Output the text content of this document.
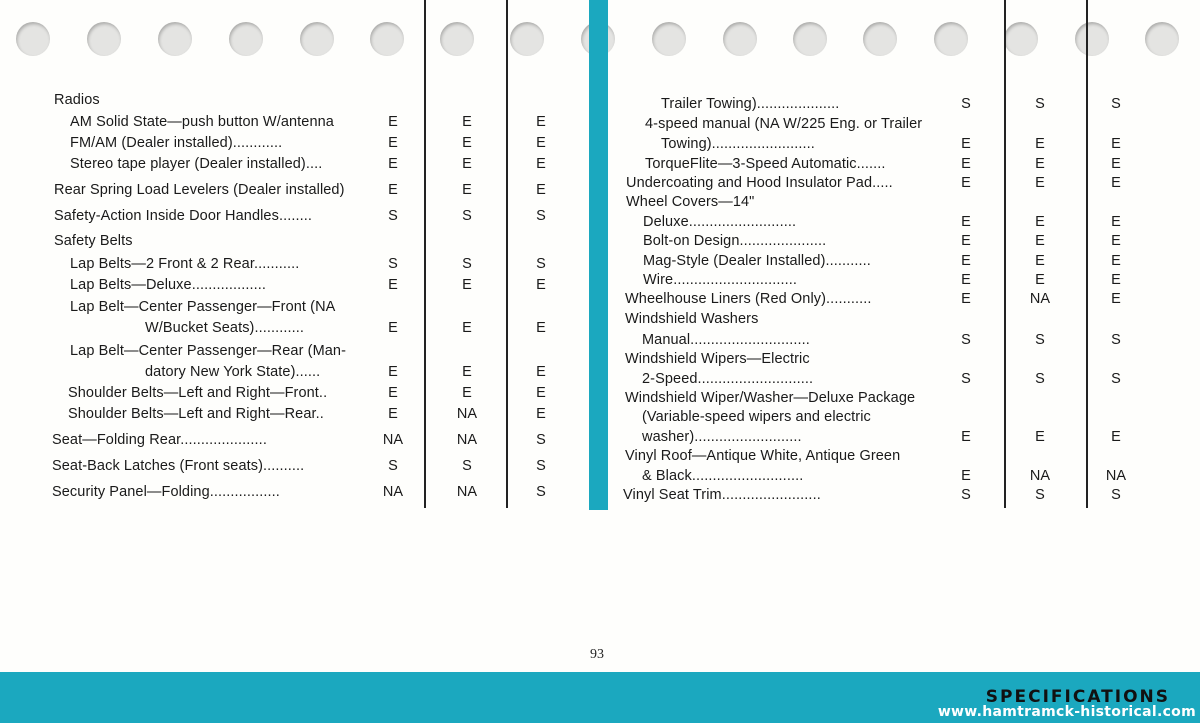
Radios
AM Solid State—push button W/antenna	E	E	E
FM/AM (Dealer installed)............	E	E	E
Stereo tape player (Dealer installed)....	E	E	E
Rear Spring Load Levelers (Dealer installed)	E	E	E
Safety-Action Inside Door Handles........	S	S	S
Safety Belts
Lap Belts—2 Front & 2 Rear...........	S	S	S
Lap Belts—Deluxe..................	E	E	E
Lap Belt—Center Passenger—Front (NA
W/Bucket Seats)............	E	E	E
Lap Belt—Center Passenger—Rear (Man-
datory New York State)......	E	E	E
Shoulder Belts—Left and Right—Front..	E	E	E
Shoulder Belts—Left and Right—Rear..	E	NA	E
Seat—Folding Rear.....................	NA	NA	S
Seat-Back Latches (Front seats)..........	S	S	S
Security Panel—Folding.................	NA	NA	S
Trailer Towing)....................	S	S	S
4-speed manual (NA W/225 Eng. or Trailer
Towing).........................	E	E	E
TorqueFlite—3-Speed Automatic.......	E	E	E
Undercoating and Hood Insulator Pad.....	E	E	E
Wheel Covers—14"
Deluxe..........................	E	E	E
Bolt-on Design.....................	E	E	E
Mag-Style (Dealer Installed)...........	E	E	E
Wire..............................	E	E	E
Wheelhouse Liners (Red Only)...........	E	NA	E
Windshield Washers
Manual.............................	S	S	S
Windshield Wipers—Electric
2-Speed............................	S	S	S
Windshield Wiper/Washer—Deluxe Package
(Variable-speed wipers and electric
washer)..........................	E	E	E
Vinyl Roof—Antique White, Antique Green
& Black...........................	E	NA	NA
Vinyl Seat Trim........................	S	S	S
93
SPECIFICATIONS
www.hamtramck-historical.com
